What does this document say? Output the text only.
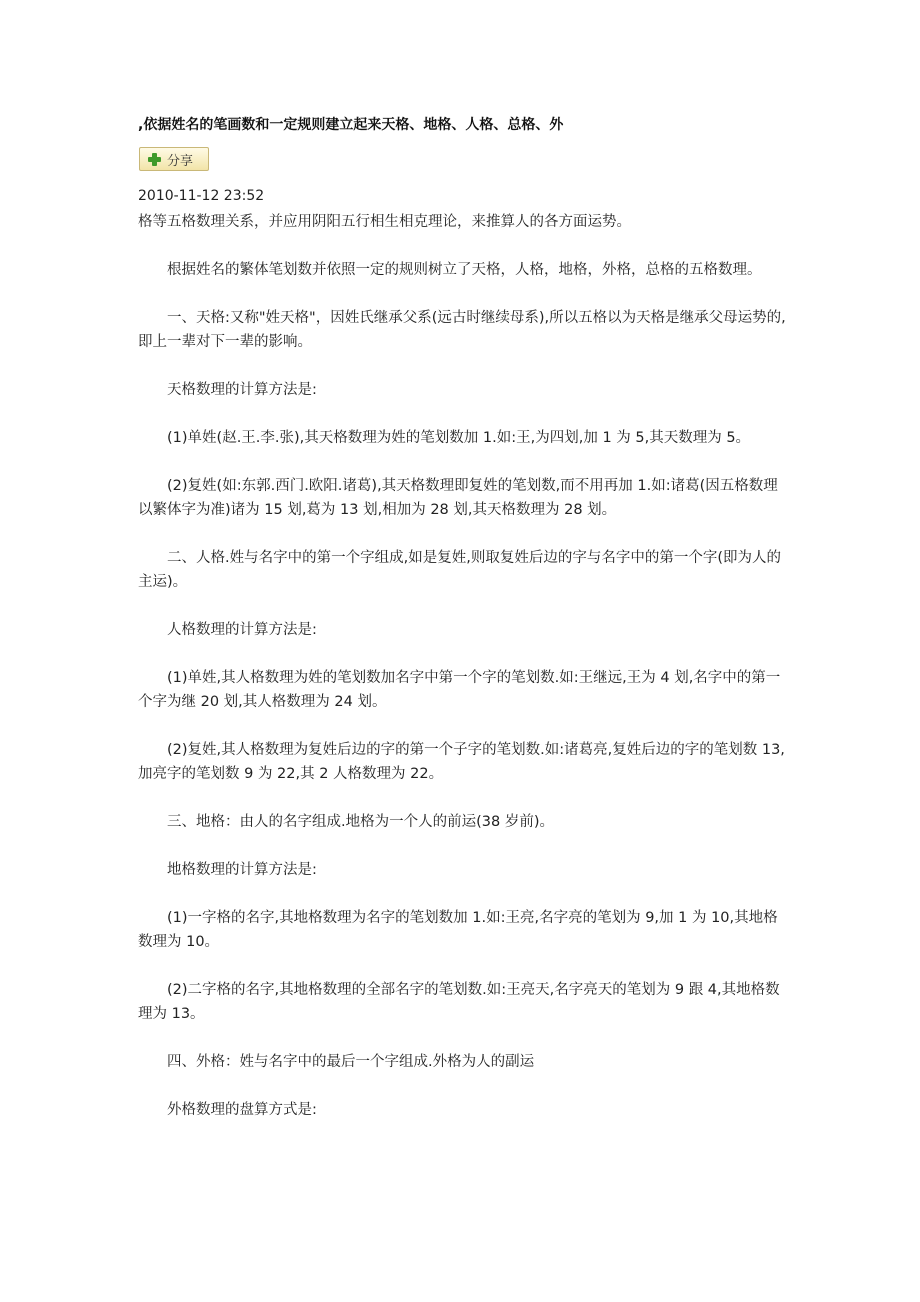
,依据姓名的笔画数和一定规则建立起来天格、地格、人格、总格、外
分享
2010-11-12 23:52

格等五格数理关系，并应用阴阳五行相生相克理论，来推算人的各方面运势。

根据姓名的繁体笔划数并依照一定的规则树立了天格，人格，地格，外格，总格的五格数理。

一、天格:又称"姓天格"，因姓氏继承父系(远古时继续母系),所以五格以为天格是继承父母运势的,即上一辈对下一辈的影响。

天格数理的计算方法是:

(1)单姓(赵.王.李.张),其天格数理为姓的笔划数加 1.如:王,为四划,加 1 为 5,其天数理为 5。

(2)复姓(如:东郭.西门.欧阳.诸葛),其天格数理即复姓的笔划数,而不用再加 1.如:诸葛(因五格数理以繁体字为准)诸为 15 划,葛为 13 划,相加为 28 划,其天格数理为 28 划。

二、人格.姓与名字中的第一个字组成,如是复姓,则取复姓后边的字与名字中的第一个字(即为人的主运)。

人格数理的计算方法是:

(1)单姓,其人格数理为姓的笔划数加名字中第一个字的笔划数.如:王继远,王为 4 划,名字中的第一个字为继 20 划,其人格数理为 24 划。

(2)复姓,其人格数理为复姓后边的字的第一个子字的笔划数.如:诸葛亮,复姓后边的字的笔划数 13,加亮字的笔划数 9 为 22,其 2 人格数理为 22。

三、地格：由人的名字组成.地格为一个人的前运(38 岁前)。

地格数理的计算方法是:

(1)一字格的名字,其地格数理为名字的笔划数加 1.如:王亮,名字亮的笔划为 9,加 1 为 10,其地格数理为 10。

(2)二字格的名字,其地格数理的全部名字的笔划数.如:王亮天,名字亮天的笔划为 9 跟 4,其地格数理为 13。

四、外格：姓与名字中的最后一个字组成.外格为人的副运

外格数理的盘算方式是:
